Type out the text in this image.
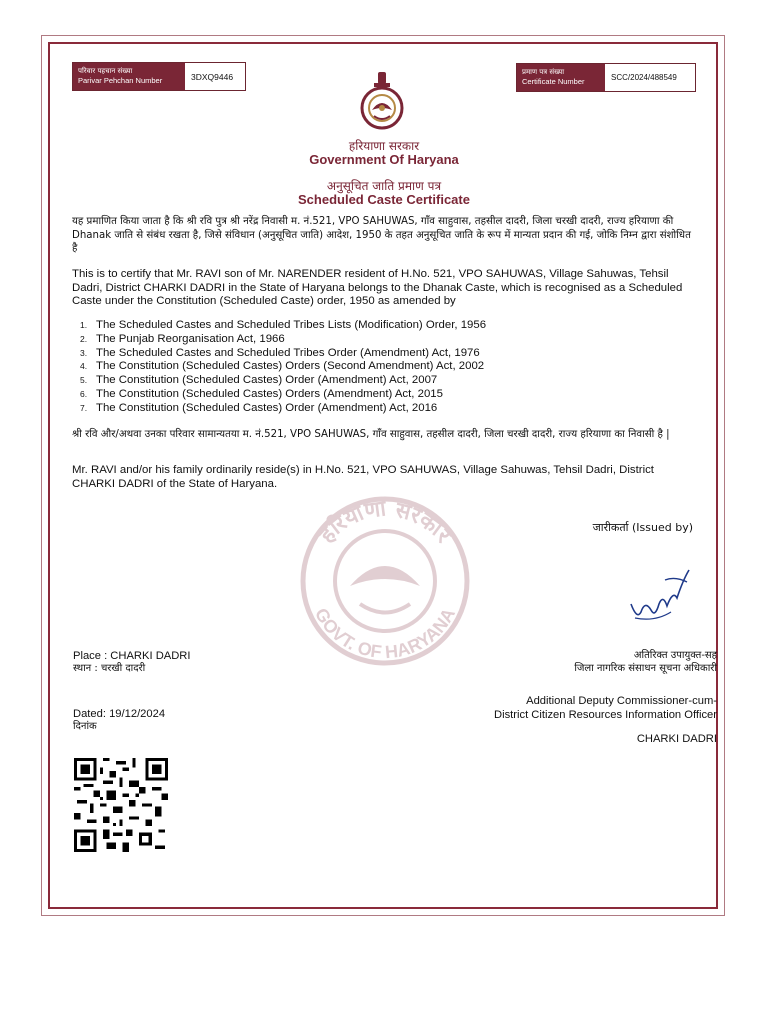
परिवार पहचान संख्या
Parivar Pehchan Number	3DXQ9446	प्रमाण पत्र संख्या
Certificate Number	SCC/2024/488549
हरियाणा सरकार
GOVT. OF HARYANA
हरियाणा सरकार
Government Of Haryana
अनुसूचित जाति प्रमाण पत्र
Scheduled Caste Certificate
यह प्रमाणित किया जाता है कि श्री रवि पुत्र श्री नरेंद्र निवासी म. नं.521, VPO SAHUWAS, गाँव साहुवास, तहसील दादरी, जिला चरखी दादरी, राज्य हरियाणा की Dhanak जाति से संबंध रखता है, जिसे संविधान (अनुसूचित जाति) आदेश, 1950 के तहत अनुसूचित जाति के रूप में मान्यता प्रदान की गई, जोकि निम्न द्वारा संशोधित है
This is to certify that Mr. RAVI son of Mr. NARENDER resident of H.No. 521, VPO SAHUWAS, Village Sahuwas, Tehsil Dadri, District CHARKI DADRI in the State of Haryana belongs to the Dhanak Caste, which is recognised as a Scheduled Caste under the Constitution (Scheduled Caste) order, 1950 as amended by
1. The Scheduled Castes and Scheduled Tribes Lists (Modification) Order, 1956
2. The Punjab Reorganisation Act, 1966
3. The Scheduled Castes and Scheduled Tribes Order (Amendment) Act, 1976
4. The Constitution (Scheduled Castes) Orders (Second Amendment) Act, 2002
5. The Constitution (Scheduled Castes) Order (Amendment) Act, 2007
6. The Constitution (Scheduled Castes) Orders (Amendment) Act, 2015
7. The Constitution (Scheduled Castes) Order (Amendment) Act, 2016
श्री रवि और/अथवा उनका परिवार सामान्यतया म. नं.521, VPO SAHUWAS, गाँव साहुवास, तहसील दादरी, जिला चरखी दादरी, राज्य हरियाणा का निवासी है |
Mr. RAVI and/or his family ordinarily reside(s) in H.No. 521, VPO SAHUWAS, Village Sahuwas, Tehsil Dadri, District CHARKI DADRI of the State of Haryana.
जारीकर्ता (Issued by)
Place : CHARKI DADRI
स्थान : चरखी दादरी
Dated: 19/12/2024
दिनांक
अतिरिक्त उपायुक्त-सह
जिला नागरिक संसाधन सूचना अधिकारी
Additional Deputy Commissioner-cum-
District Citizen Resources Information Officer
CHARKI DADRI
